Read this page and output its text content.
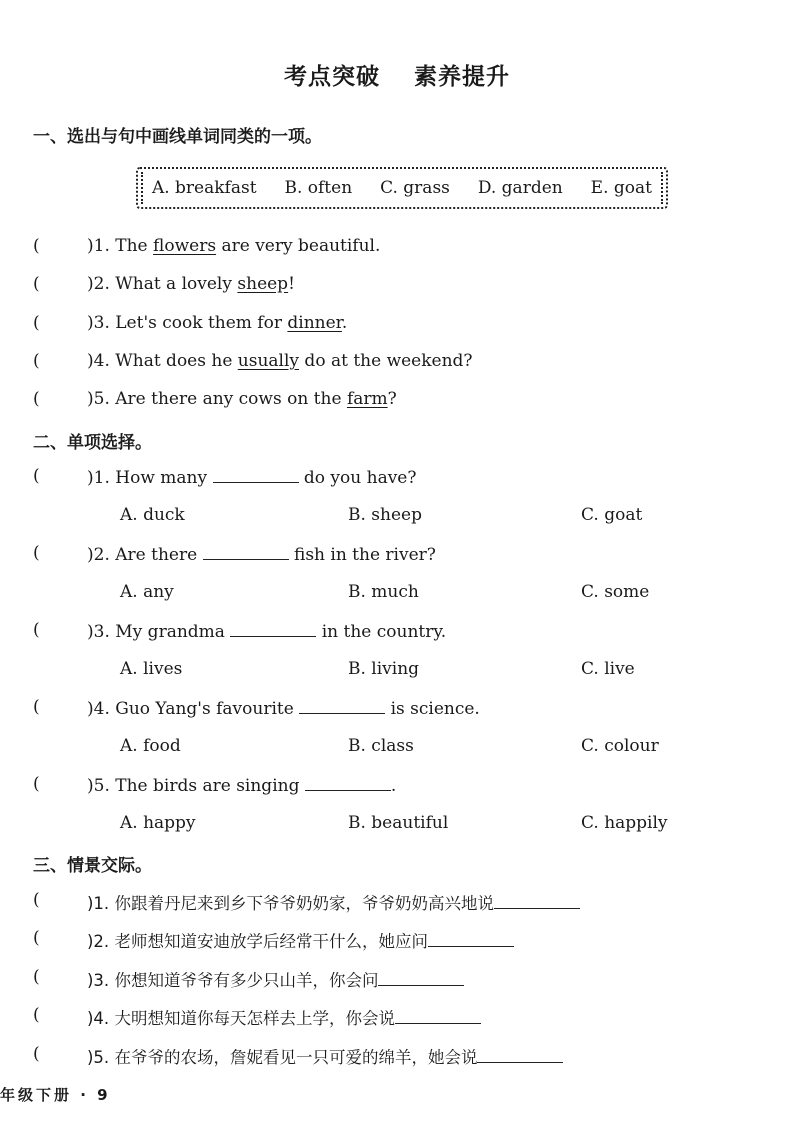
考点突破 素养提升
一、选出与句中画线单词同类的一项。
A. breakfast B. often C. grass D. garden E. goat
(	)1. The flowers are very beautiful.
(	)2. What a lovely sheep!
(	)3. Let's cook them for dinner.
(	)4. What does he usually do at the weekend?
(	)5. Are there any cows on the farm?
二、单项选择。
(	)1. How many	do you have?
A. duck	B. sheep	C. goat
(	)2. Are there	fish in the river?
A. any	B. much	C. some
(	)3. My grandma	in the country.
A. lives	B. living	C. live
(	)4. Guo Yang's favourite	is science.
A. food	B. class	C. colour
(	)5. The birds are singing	.
A. happy	B. beautiful	C. happily
三、情景交际。
(	)1. 你跟着丹尼来到乡下爷爷奶奶家，爷爷奶奶高兴地说
(	)2. 老师想知道安迪放学后经常干什么，她应问
(	)3. 你想知道爷爷有多少只山羊，你会问
(	)4. 大明想知道你每天怎样去上学，你会说
(	)5. 在爷爷的农场，詹妮看见一只可爱的绵羊，她会说
年级下册 · 9
